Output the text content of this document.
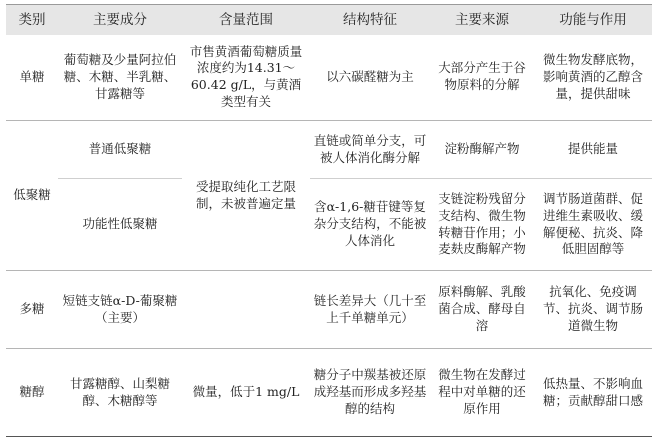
类别	主要成分	含量范围	结构特征	主要来源	功能与作用
单糖	葡萄糖及少量阿拉伯糖、木糖、半乳糖、甘露糖等	市售黄酒葡萄糖质量浓度约为14.31～60.42 g/L，与黄酒类型有关	以六碳醛糖为主	大部分产生于谷物原料的分解	微生物发酵底物，影响黄酒的乙醇含量，提供甜味
低聚糖	普通低聚糖	受提取纯化工艺限制，未被普遍定量	直链或简单分支，可被人体消化酶分解	淀粉酶解产物	提供能量
	功能性低聚糖		含α-1,6-糖苷键等复杂分支结构，不能被人体消化	支链淀粉残留分支结构、微生物转糖苷作用；小麦麸皮酶解产物	调节肠道菌群、促进维生素吸收、缓解便秘、抗炎、降低胆固醇等
多糖	短链支链α-D-葡聚糖（主要）		链长差异大（几十至上千单糖单元）	原料酶解、乳酸菌合成、酵母自溶	抗氧化、免疫调节、抗炎、调节肠道微生物
糖醇	甘露糖醇、山梨糖醇、木糖醇等	微量，低于1 mg/L	糖分子中羰基被还原成羟基而形成多羟基醇的结构	微生物在发酵过程中对单糖的还原作用	低热量、不影响血糖；贡献醇甜口感
